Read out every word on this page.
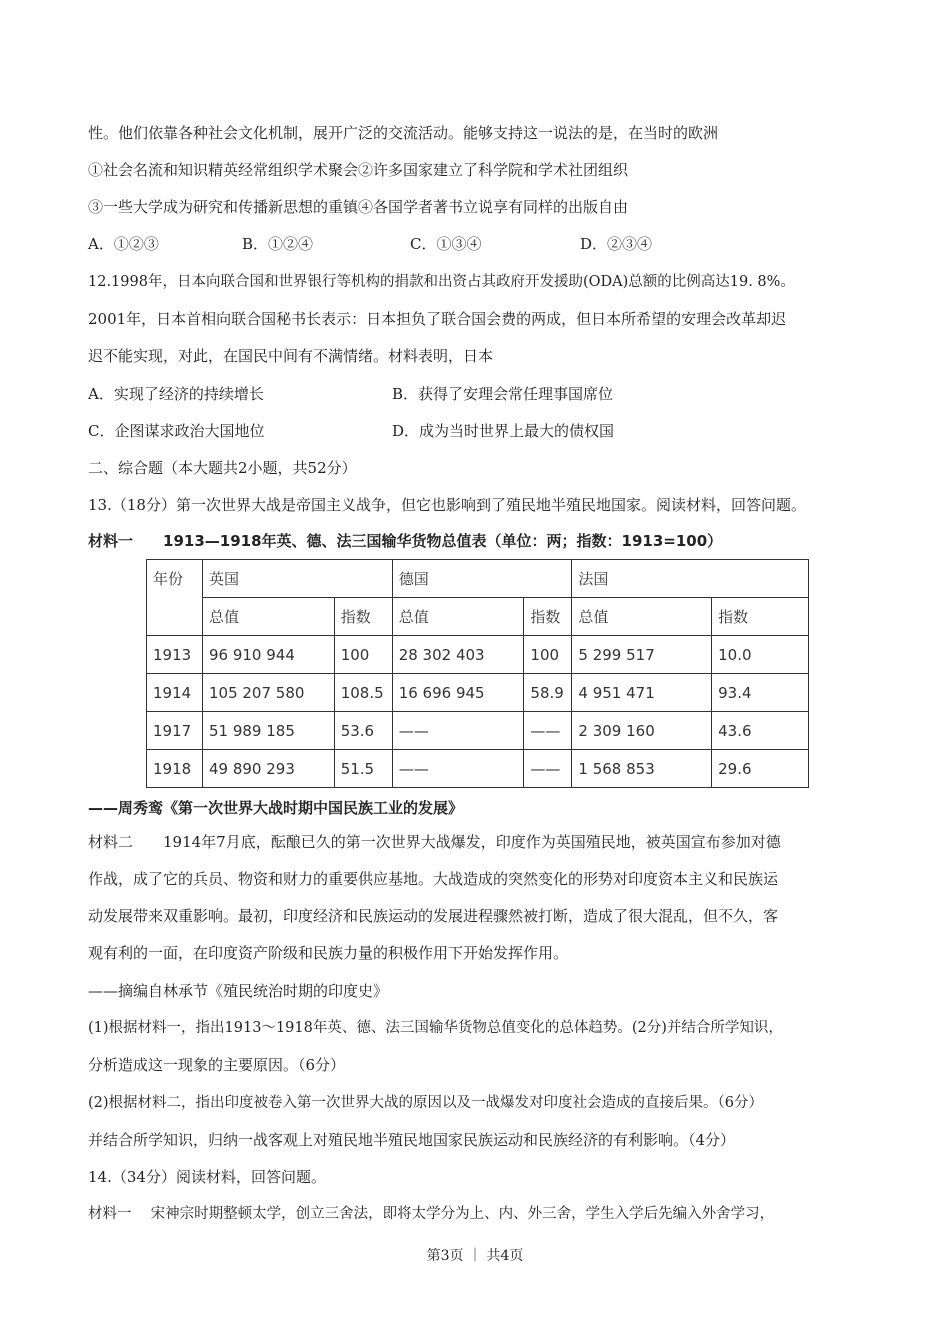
性。他们依靠各种社会文化机制，展开广泛的交流活动。能够支持这一说法的是，在当时的欧洲
①社会名流和知识精英经常组织学术聚会②许多国家建立了科学院和学术社团组织
③一些大学成为研究和传播新思想的重镇④各国学者著书立说享有同样的出版自由
A．①②③	B．①②④	C．①③④	D．②③④
12.1998年，日本向联合国和世界银行等机构的捐款和出资占其政府开发援助(ODA)总额的比例高达19. 8%。
2001年，日本首相向联合国秘书长表示：日本担负了联合国会费的两成，但日本所希望的安理会改革却迟
迟不能实现，对此，在国民中间有不满情绪。材料表明，日本
A．实现了经济的持续增长	B．获得了安理会常任理事国席位
C．企图谋求政治大国地位	D．成为当时世界上最大的债权国
二、综合题（本大题共2小题，共52分）
13.（18分）第一次世界大战是帝国主义战争，但它也影响到了殖民地半殖民地国家。阅读材料，回答问题。
材料一 1913—1918年英、德、法三国输华货物总值表（单位：两；指数：1913=100）
年份	英国		德国		法国	
	总值	指数	总值	指数	总值	指数
1913	96 910 944	100	28 302 403	100	5 299 517	10.0
1914	105 207 580	108.5	16 696 945	58.9	4 951 471	93.4
1917	51 989 185	53.6	——	——	2 309 160	43.6
1918	49 890 293	51.5	——	——	1 568 853	29.6
——周秀鸾《第一次世界大战时期中国民族工业的发展》
材料二　　1914年7月底，酝酿已久的第一次世界大战爆发，印度作为英国殖民地，被英国宣布参加对德
作战，成了它的兵员、物资和财力的重要供应基地。大战造成的突然变化的形势对印度资本主义和民族运
动发展带来双重影响。最初，印度经济和民族运动的发展进程骤然被打断，造成了很大混乱，但不久，客
观有利的一面，在印度资产阶级和民族力量的积极作用下开始发挥作用。
——摘编自林承节《殖民统治时期的印度史》
(1)根据材料一，指出1913～1918年英、德、法三国输华货物总值变化的总体趋势。(2分)并结合所学知识，
分析造成这一现象的主要原因。（6分）
(2)根据材料二，指出印度被卷入第一次世界大战的原因以及一战爆发对印度社会造成的直接后果。（6分）
并结合所学知识，归纳一战客观上对殖民地半殖民地国家民族运动和民族经济的有利影响。（4分）
14.（34分）阅读材料，回答问题。
材料一　 宋神宗时期整顿太学，创立三舍法，即将太学分为上、内、外三舍，学生入学后先编入外舍学习，
第3页 ｜ 共4页
